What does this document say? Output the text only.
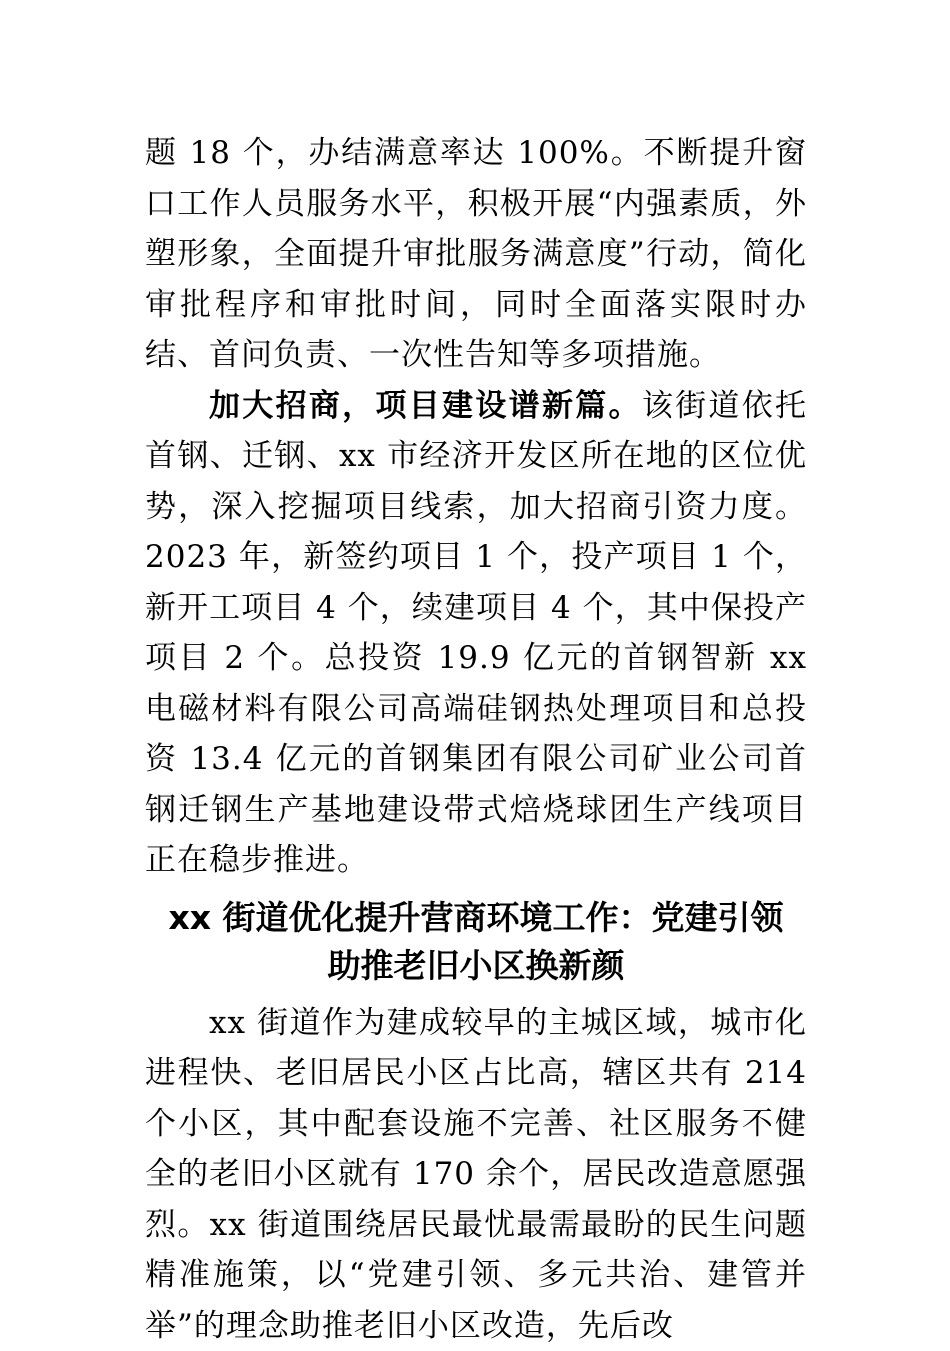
题 18 个，办结满意率达 100%。不断提升窗口工作人员服务水平，积极开展“内强素质，外塑形象，全面提升审批服务满意度”行动，简化审批程序和审批时间，同时全面落实限时办结、首问负责、一次性告知等多项措施。

加大招商，项目建设谱新篇。该街道依托首钢、迁钢、xx 市经济开发区所在地的区位优势，深入挖掘项目线索，加大招商引资力度。2023 年，新签约项目 1 个，投产项目 1 个，新开工项目 4 个，续建项目 4 个，其中保投产项目 2 个。总投资 19.9 亿元的首钢智新 xx 电磁材料有限公司高端硅钢热处理项目和总投资 13.4 亿元的首钢集团有限公司矿业公司首钢迁钢生产基地建设带式焙烧球团生产线项目正在稳步推进。

xx 街道优化提升营商环境工作：党建引领
助推老旧小区换新颜

xx 街道作为建成较早的主城区域，城市化进程快、老旧居民小区占比高，辖区共有 214 个小区，其中配套设施不完善、社区服务不健全的老旧小区就有 170 余个，居民改造意愿强烈。xx 街道围绕居民最忧最需最盼的民生问题精准施策，以“党建引领、多元共治、建管并举”的理念助推老旧小区改造，先后改
